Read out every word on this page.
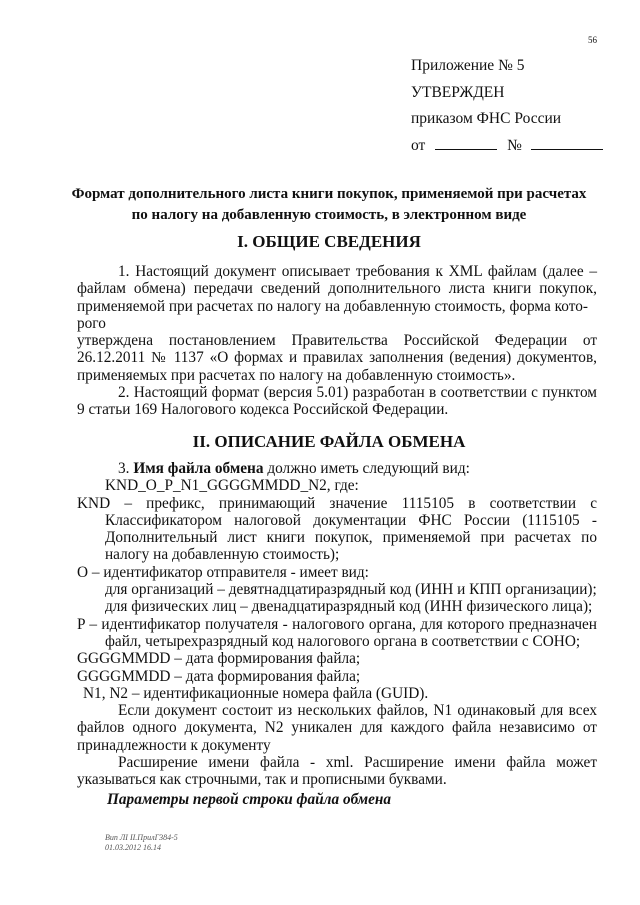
56
Приложение № 5
УТВЕРЖДЕН
приказом ФНС России
от	№
Формат дополнительного листа книги покупок, применяемой при расчетах по налогу на добавленную стоимость, в электронном виде
I. ОБЩИЕ СВЕДЕНИЯ

1. Настоящий документ описывает требования к XML файлам (далее – файлам обмена) передачи сведений дополнительного листа книги покупок, применяемой при расчетах по налогу на добавленную стоимость, форма кото-

рого

утверждена постановлением Правительства Российской Федерации от 26.12.2011 № 1137 «О формах и правилах заполнения (ведения) документов, применяемых при расчетах по налогу на добавленную стоимость».

2. Настоящий формат (версия 5.01) разработан в соответствии с пунктом 9 статьи 169 Налогового кодекса Российской Федерации.

II. ОПИСАНИЕ ФАЙЛА ОБМЕНА

3. Имя файла обмена должно иметь следующий вид:

KND_O_P_N1_GGGGMMDD_N2, где:

KND – префикс, принимающий значение 1115105 в соответствии с Классификатором налоговой документации ФНС России (1115105 - Дополнительный лист книги покупок, применяемой при расчетах по налогу на добавленную стоимость);

O – идентификатор отправителя - имеет вид:

для организаций – девятнадцатиразрядный код (ИНН и КПП организации);

для физических лиц – двенадцатиразрядный код (ИНН физического лица);

P – идентификатор получателя - налогового органа, для которого предназначен файл, четырехразрядный код налогового органа в соответствии с СОНО;

GGGGMMDD – дата формирования файла;

GGGGMMDD – дата формирования файла;

N1, N2 – идентификационные номера файла (GUID).

Если документ состоит из нескольких файлов, N1 одинаковый для всех файлов одного документа, N2 уникален для каждого файла независимо от принадлежности к документу

Расширение имени файла - xml. Расширение имени файла может указываться как строчными, так и прописными буквами.

Параметры первой строки файла обмена

Вип ЛІ II.ПрилГ384-5
01.03.2012 16.14
